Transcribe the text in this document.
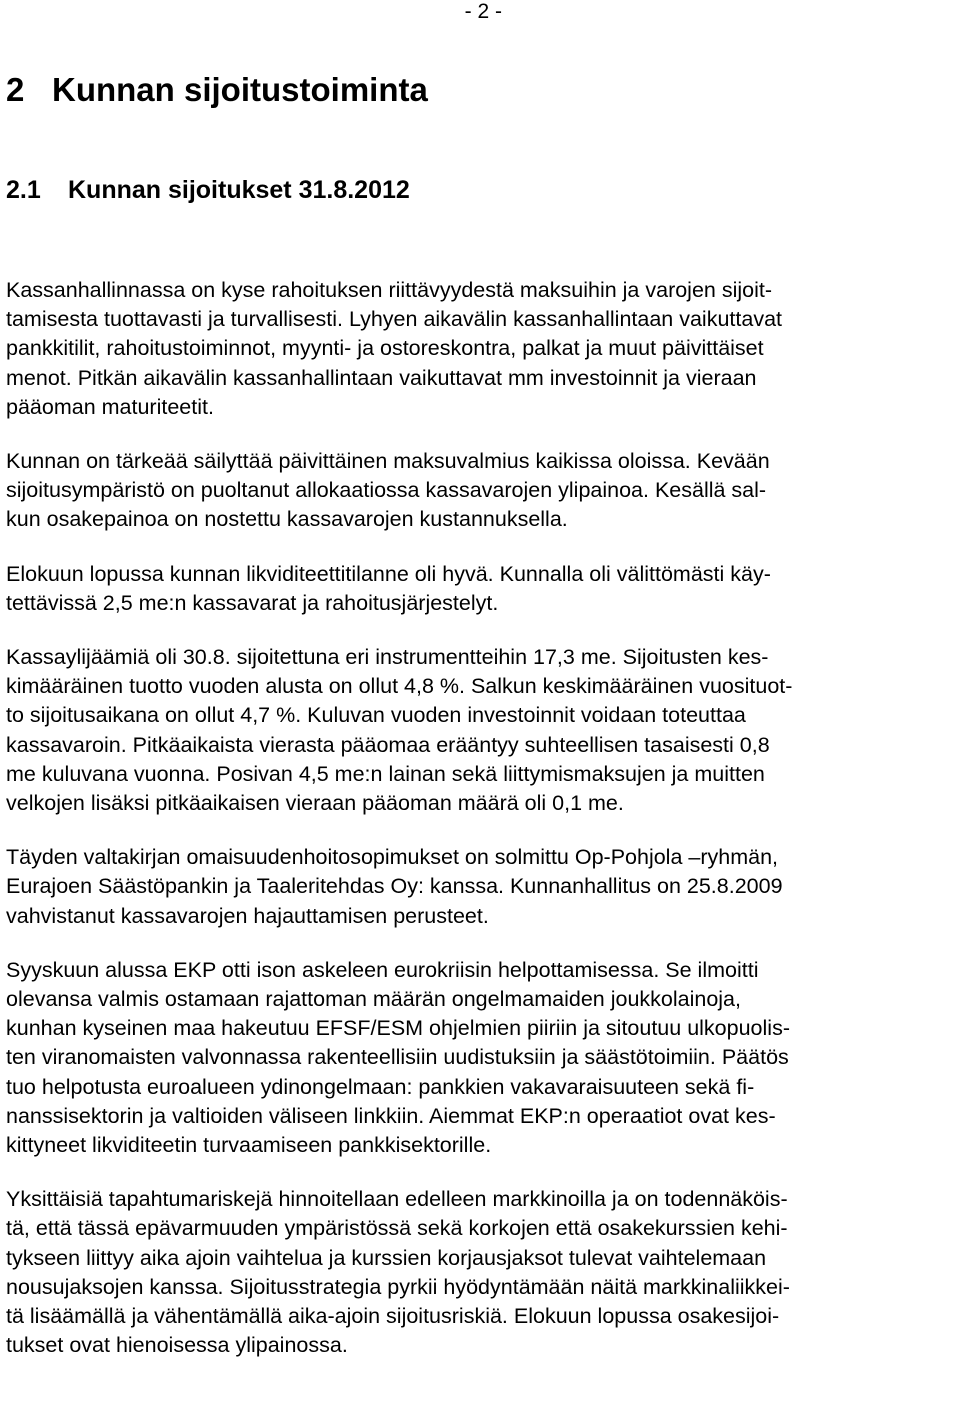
- 2 -
2 Kunnan sijoitustoiminta
2.1 Kunnan sijoitukset 31.8.2012

Kassanhallinnassa on kyse rahoituksen riittävyydestä maksuihin ja varojen sijoit-
tamisesta tuottavasti ja turvallisesti. Lyhyen aikavälin kassanhallintaan vaikuttavat
pankkitilit, rahoitustoiminnot, myynti- ja ostoreskontra, palkat ja muut päivittäiset
menot. Pitkän aikavälin kassanhallintaan vaikuttavat mm investoinnit ja vieraan
pääoman maturiteetit.

Kunnan on tärkeää säilyttää päivittäinen maksuvalmius kaikissa oloissa. Kevään
sijoitusympäristö on puoltanut allokaatiossa kassavarojen ylipainoa. Kesällä sal-
kun osakepainoa on nostettu kassavarojen kustannuksella.

Elokuun lopussa kunnan likviditeettitilanne oli hyvä. Kunnalla oli välittömästi käy-
tettävissä 2,5 me:n kassavarat ja rahoitusjärjestelyt.

Kassaylijäämiä oli 30.8. sijoitettuna eri instrumentteihin 17,3 me. Sijoitusten kes-
kimääräinen tuotto vuoden alusta on ollut 4,8 %. Salkun keskimääräinen vuosituot-
to sijoitusaikana on ollut 4,7 %. Kuluvan vuoden investoinnit voidaan toteuttaa
kassavaroin. Pitkäaikaista vierasta pääomaa erääntyy suhteellisen tasaisesti 0,8
me kuluvana vuonna. Posivan 4,5 me:n lainan sekä liittymismaksujen ja muitten
velkojen lisäksi pitkäaikaisen vieraan pääoman määrä oli 0,1 me.

Täyden valtakirjan omaisuudenhoitosopimukset on solmittu Op-Pohjola –ryhmän,
Eurajoen Säästöpankin ja Taaleritehdas Oy: kanssa. Kunnanhallitus on 25.8.2009
vahvistanut kassavarojen hajauttamisen perusteet.

Syyskuun alussa EKP otti ison askeleen eurokriisin helpottamisessa. Se ilmoitti
olevansa valmis ostamaan rajattoman määrän ongelmamaiden joukkolainoja,
kunhan kyseinen maa hakeutuu EFSF/ESM ohjelmien piiriin ja sitoutuu ulkopuolis-
ten viranomaisten valvonnassa rakenteellisiin uudistuksiin ja säästötoimiin. Päätös
tuo helpotusta euroalueen ydinongelmaan: pankkien vakavaraisuuteen sekä fi-
nanssisektorin ja valtioiden väliseen linkkiin. Aiemmat EKP:n operaatiot ovat kes-
kittyneet likviditeetin turvaamiseen pankkisektorille.

Yksittäisiä tapahtumariskejä hinnoitellaan edelleen markkinoilla ja on todennäköis-
tä, että tässä epävarmuuden ympäristössä sekä korkojen että osakekurssien kehi-
tykseen liittyy aika ajoin vaihtelua ja kurssien korjausjaksot tulevat vaihtelemaan
nousujaksojen kanssa. Sijoitusstrategia pyrkii hyödyntämään näitä markkinaliikkei-
tä lisäämällä ja vähentämällä aika-ajoin sijoitusriskiä. Elokuun lopussa osakesijoi-
tukset ovat hienoisessa ylipainossa.
